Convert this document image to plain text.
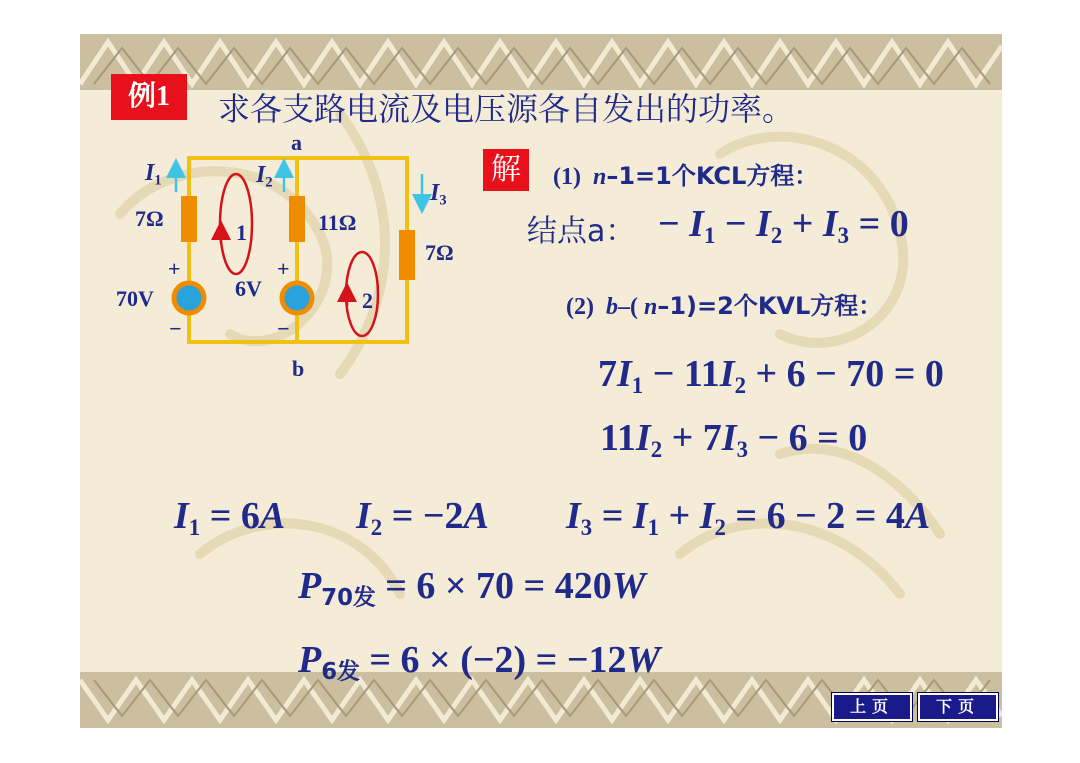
例1	求各支路电流及电压源各自发出的功率。
a
b
$I_1$	$I_2$	$I_3$
7Ω	11Ω
7Ω
70V	6V
+
−
+
−
1
2
解	(1) n–1=1个KCL方程：
结点a： − $I_1 - I_2 + I_3 = 0$
(2) b–( n–1)=2个KVL方程：
$7I_1 - 11I_2 + 6 - 70 = 0$
$11I_2 + 7I_3 - 6 = 0$
$I_1 = 6A$ $I_2 = -2A$ $I_3 = I_1 + I_2 = 6 - 2 = 4A$
$P_{70发} = 6 \times 70 = 420W$
$P_{6发} = 6 \times (-2) = -12W$
上页	下页
